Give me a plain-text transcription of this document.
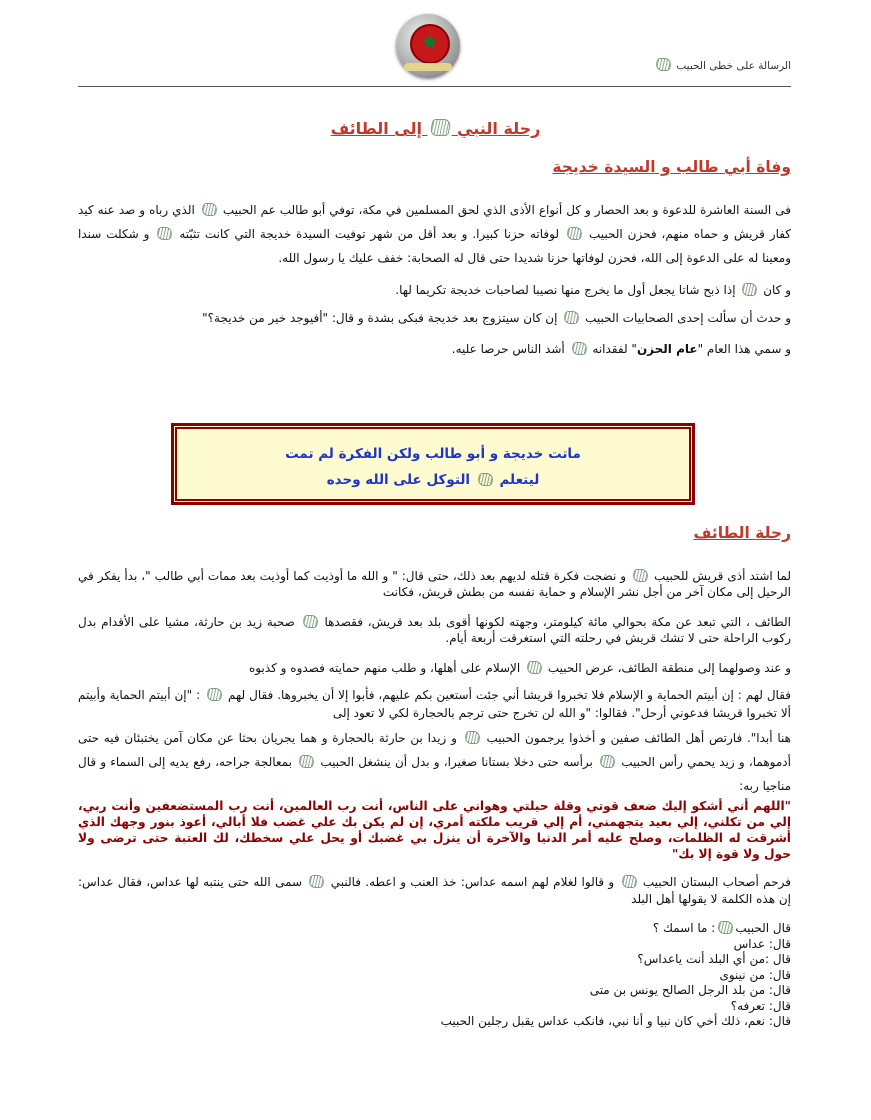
★
الرسالة على خطى الحبيب
رحلة النبي  إلى الطائف
وفاة أبي طالب و السيدة خديجة

فى السنة العاشرة للدعوة و بعد الحصار و كل أنواع الأذى الذي لحق المسلمين في مكة، توفي أبو طالب عم الحبيب  الذي رباه و صد عنه كيد كفار قريش و حماه منهم، فحزن الحبيب  لوفاته حزنا كبيرا. و بعد أقل من شهر توفيت السيدة خديجة التي كانت تثبّته  و شكلت سندا ومعينا له على الدعوة إلى الله، فحزن لوفاتها حزنا شديدا حتى قال له الصحابة: خفف عليك يا رسول الله.

و كان  إذا ذبح شاتا يجعل أول ما يخرج منها نصيبا لصاحبات خديجة تكريما لها.

و حدث أن سألت إحدى الصحابيات الحبيب  إن كان سيتزوج بعد خديجة فبكى بشدة و قال: "أفيوجد خير من خديجة؟"

و سمي هذا العام "عام الحزن" لفقدانه  أشد الناس حرصا عليه.

ماتت خديجة و أبو طالب ولكن الفكرة لم تمت
ليتعلم  التوكل على الله وحده
رحلة الطائف

لما اشتد أذى قريش للحبيب  و نضجت فكرة قتله لديهم بعد ذلك، حتى قال: " و الله ما أوذيت كما أوذيت بعد ممات أبي طالب "، بدأ يفكر في الرحيل إلى مكان آخر من أجل نشر الإسلام و حماية نفسه من بطش قريش، فكانت

الطائف ، التي تبعد عن مكة بحوالي مائة كيلومتر، وجهته لكونها أقوى بلد بعد قريش، فقصدها  صحبة زيد بن حارثة، مشيا على الأقدام بدل ركوب الراحلة حتى لا تشك قريش في رحلته التي استغرقت أربعة أيام.

و عند وصولهما إلى منطقة الطائف، عرض الحبيب  الإسلام على أهلها، و طلب منهم حمايته فصدوه و كذبوه

فقال لهم : إن أبيتم الحماية و الإسلام فلا تخبروا قريشا أني جئت أستعين بكم عليهم، فأبوا إلا أن يخبروها. فقال لهم  : "إن أبيتم الحماية وأبيتم ألا تخبروا قريشا فدعوني أرحل". فقالوا: "و الله لن تخرج حتى ترجم بالحجارة لكي لا تعود إلى

هنا أبدا". فارتص أهل الطائف صفين و أخذوا يرجمون الحبيب  و زيدا بن حارثة بالحجارة و هما يجريان بحثا عن مكان آمن يختبئان فيه حتى أدموهما، و زيد يحمي رأس الحبيب  برأسه حتى دخلا بستانا صغيرا، و بدل أن ينشغل الحبيب  بمعالجة جراحه، رفع يديه إلى السماء و قال مناجيا ربه:

"اللهم أني أشكو إليك ضعف قوتي وقلة حيلتي وهواني على الناس، أنت رب العالمين، أنت رب المستضعفين وأنت ربي، إلي من تكلني، إلي بعيد يتجهمني، أم إلي قريب ملكته أمري، إن لم يكن بك علي غضب فلا أبالي، أعوذ بنور وجهك الذي أشرقت له الظلمات، وصلح عليه أمر الدنيا والآخرة أن ينزل بي غضبك أو يحل علي سخطك، لك العتبة حتى ترضى ولا حول ولا قوة إلا بك"

فرحم أصحاب البستان الحبيب  و قالوا لغلام لهم اسمه عداس: خذ العنب و اعطه. فالنبي  سمى الله حتى ينتبه لها عداس، فقال عداس: إن هذه الكلمة لا يقولها أهل البلد

قال الحبيب: ما اسمك ؟
قال: عداس
قال :من أي البلد أنت ياعداس؟
قال: من نينوى
قال: من بلد الرجل الصالح يونس بن متى
قال: تعرفه؟
قال: نعم، ذلك أخي كان نبيا و أنا نبي، فانكب عداس يقبل رجلين الحبيب
